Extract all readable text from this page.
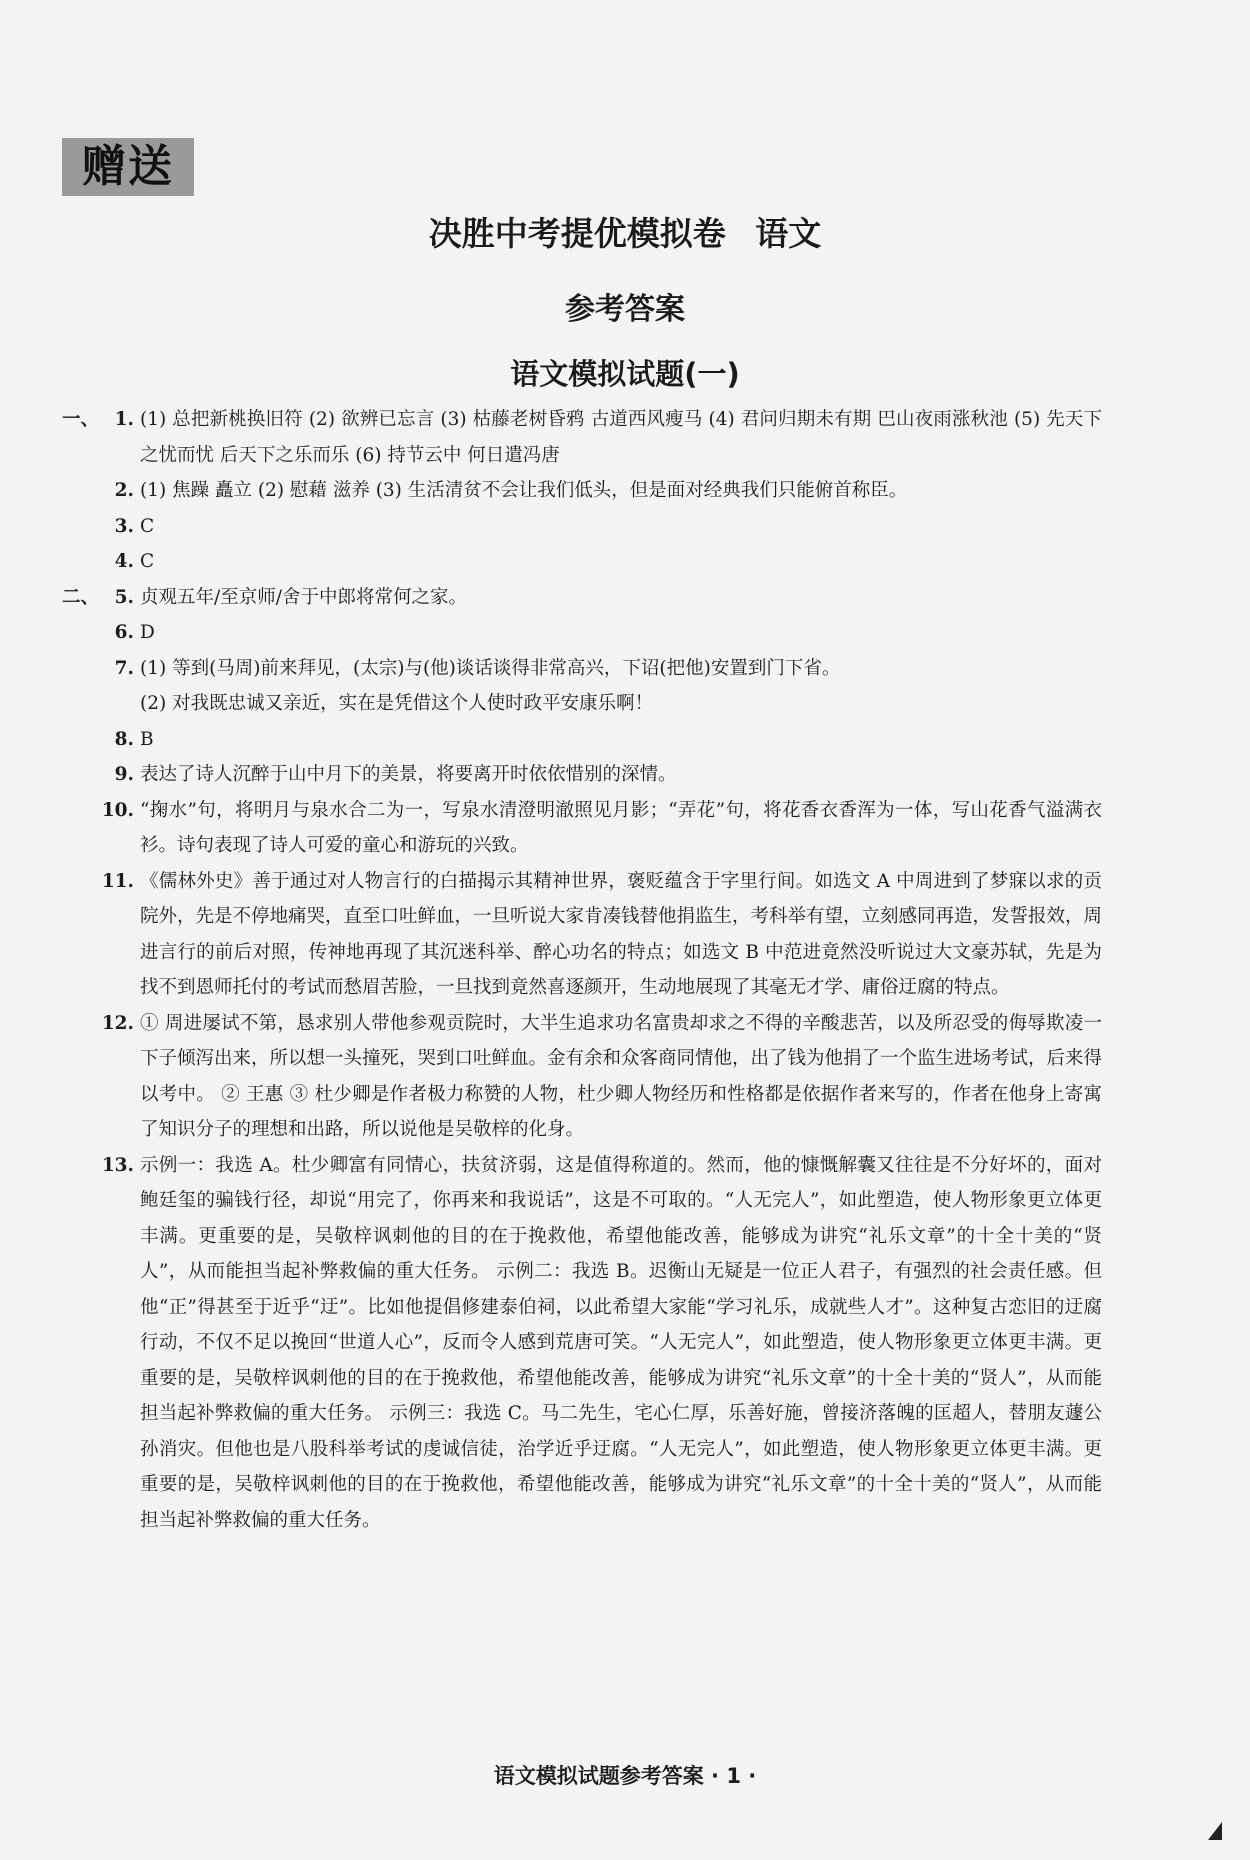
赠送
决胜中考提优模拟卷 语文
参考答案
语文模拟试题(一)
一、 1. (1) 总把新桃换旧符 (2) 欲辨已忘言 (3) 枯藤老树昏鸦 古道西风瘦马 (4) 君问归期未有期 巴山夜雨涨秋池 (5) 先天下之忧而忧 后天下之乐而乐 (6) 持节云中 何日遣冯唐
2. (1) 焦躁 矗立 (2) 慰藉 滋养 (3) 生活清贫不会让我们低头，但是面对经典我们只能俯首称臣。
3. C
4. C
二、 5. 贞观五年/至京师/舍于中郎将常何之家。
6. D
7. (1) 等到(马周)前来拜见，(太宗)与(他)谈话谈得非常高兴，下诏(把他)安置到门下省。
(2) 对我既忠诚又亲近，实在是凭借这个人使时政平安康乐啊！
8. B
9. 表达了诗人沉醉于山中月下的美景，将要离开时依依惜别的深情。
10. “掬水”句，将明月与泉水合二为一，写泉水清澄明澈照见月影；“弄花”句，将花香衣香浑为一体，写山花香气溢满衣衫。诗句表现了诗人可爱的童心和游玩的兴致。
11. 《儒林外史》善于通过对人物言行的白描揭示其精神世界，褒贬蕴含于字里行间。如选文 A 中周进到了梦寐以求的贡院外，先是不停地痛哭，直至口吐鲜血，一旦听说大家肯凑钱替他捐监生，考科举有望，立刻感同再造，发誓报效，周进言行的前后对照，传神地再现了其沉迷科举、醉心功名的特点；如选文 B 中范进竟然没听说过大文豪苏轼，先是为找不到恩师托付的考试而愁眉苦脸，一旦找到竟然喜逐颜开，生动地展现了其毫无才学、庸俗迂腐的特点。
12. ① 周进屡试不第，恳求别人带他参观贡院时，大半生追求功名富贵却求之不得的辛酸悲苦，以及所忍受的侮辱欺凌一下子倾泻出来，所以想一头撞死，哭到口吐鲜血。金有余和众客商同情他，出了钱为他捐了一个监生进场考试，后来得以考中。 ② 王惠 ③ 杜少卿是作者极力称赞的人物，杜少卿人物经历和性格都是依据作者来写的，作者在他身上寄寓了知识分子的理想和出路，所以说他是吴敬梓的化身。
13. 示例一：我选 A。杜少卿富有同情心，扶贫济弱，这是值得称道的。然而，他的慷慨解囊又往往是不分好坏的，面对鲍廷玺的骗钱行径，却说“用完了，你再来和我说话”，这是不可取的。“人无完人”，如此塑造，使人物形象更立体更丰满。更重要的是，吴敬梓讽刺他的目的在于挽救他，希望他能改善，能够成为讲究“礼乐文章”的十全十美的“贤人”，从而能担当起补弊救偏的重大任务。 示例二：我选 B。迟衡山无疑是一位正人君子，有强烈的社会责任感。但他“正”得甚至于近乎“迂”。比如他提倡修建泰伯祠，以此希望大家能“学习礼乐，成就些人才”。这种复古恋旧的迂腐行动，不仅不足以挽回“世道人心”，反而令人感到荒唐可笑。“人无完人”，如此塑造，使人物形象更立体更丰满。更重要的是，吴敬梓讽刺他的目的在于挽救他，希望他能改善，能够成为讲究“礼乐文章”的十全十美的“贤人”，从而能担当起补弊救偏的重大任务。 示例三：我选 C。马二先生，宅心仁厚，乐善好施，曾接济落魄的匡超人，替朋友蘧公孙消灾。但他也是八股科举考试的虔诚信徒，治学近乎迂腐。“人无完人”，如此塑造，使人物形象更立体更丰满。更重要的是，吴敬梓讽刺他的目的在于挽救他，希望他能改善，能够成为讲究“礼乐文章”的十全十美的“贤人”，从而能担当起补弊救偏的重大任务。
语文模拟试题参考答案 · 1 ·
